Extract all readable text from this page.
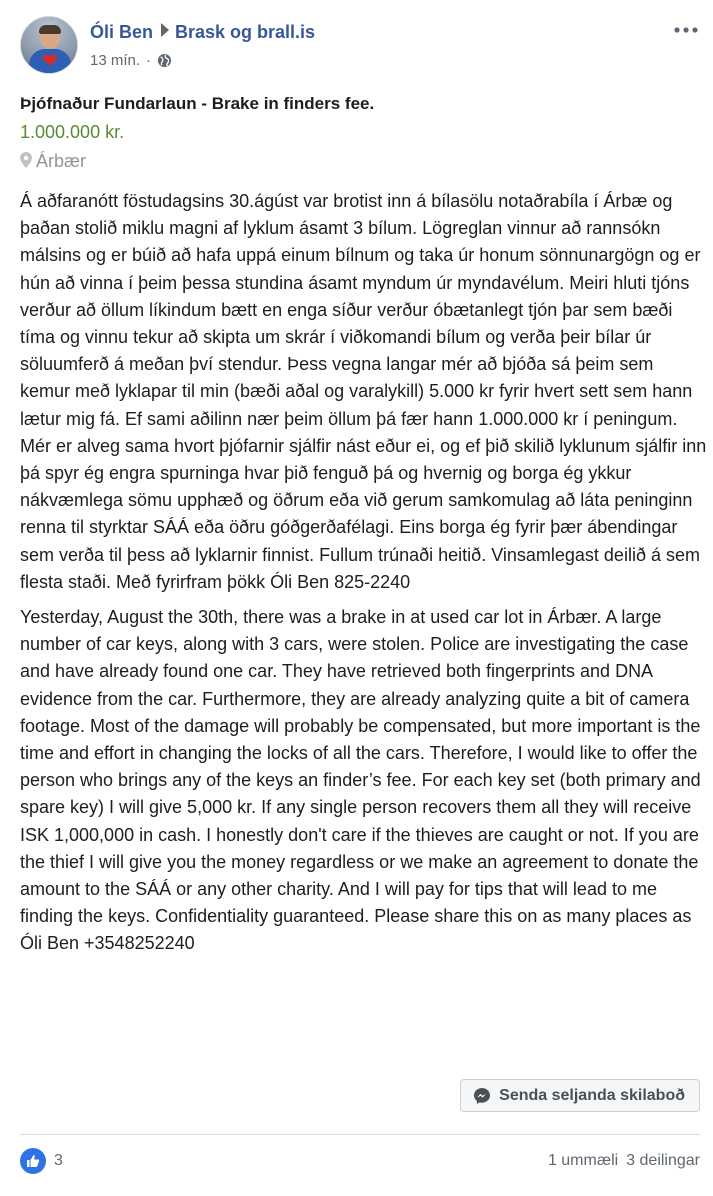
Óli Ben Brask og brall.is
13 mín. ·
Þjófnaður Fundarlaun - Brake in finders fee.
1.000.000 kr.
Árbær

Á aðfaranótt föstudagsins 30.ágúst var brotist inn á bílasölu notaðrabíla í Árbæ og þaðan stolið miklu magni af lyklum ásamt 3 bílum. Lögreglan vinnur að rannsókn málsins og er búið að hafa uppá einum bílnum og taka úr honum sönnunargögn og er hún að vinna í þeim þessa stundina ásamt myndum úr myndavélum. Meiri hluti tjóns verður að öllum líkindum bætt en enga síður verður óbætanlegt tjón þar sem bæði tíma og vinnu tekur að skipta um skrár í viðkomandi bílum og verða þeir bílar úr söluumferð á meðan því stendur. Þess vegna langar mér að bjóða sá þeim sem kemur með lyklapar til min (bæði aðal og varalykill) 5.000 kr fyrir hvert sett sem hann lætur mig fá. Ef sami aðilinn nær þeim öllum þá fær hann 1.000.000 kr í peningum. Mér er alveg sama hvort þjófarnir sjálfir nást eður ei, og ef þið skilið lyklunum sjálfir inn þá spyr ég engra spurninga hvar þið fenguð þá og hvernig og borga ég ykkur nákvæmlega sömu upphæð og öðrum eða við gerum samkomulag að láta peninginn renna til styrktar SÁÁ eða öðru góðgerðafélagi. Eins borga ég fyrir þær ábendingar sem verða til þess að lyklarnir finnist. Fullum trúnaði heitið. Vinsamlegast deilið á sem flesta staði. Með fyrirfram þökk Óli Ben 825-2240

Yesterday, August the 30th, there was a brake in at used car lot in Árbær. A large number of car keys, along with 3 cars, were stolen. Police are investigating the case and have already found one car. They have retrieved both fingerprints and DNA evidence from the car. Furthermore, they are already analyzing quite a bit of camera footage. Most of the damage will probably be compensated, but more important is the time and effort in changing the locks of all the cars. Therefore, I would like to offer the person who brings any of the keys an finder’s fee. For each key set (both primary and spare key) I will give 5,000 kr. If any single person recovers them all they will receive ISK 1,000,000 in cash. I honestly don't care if the thieves are caught or not. If you are the thief I will give you the money regardless or we make an agreement to donate the amount to the SÁÁ or any other charity. And I will pay for tips that will lead to me finding the keys. Confidentiality guaranteed. Please share this on as many places as Óli Ben +3548252240

Senda seljanda skilaboð
3	1 ummæli 3 deilingar
